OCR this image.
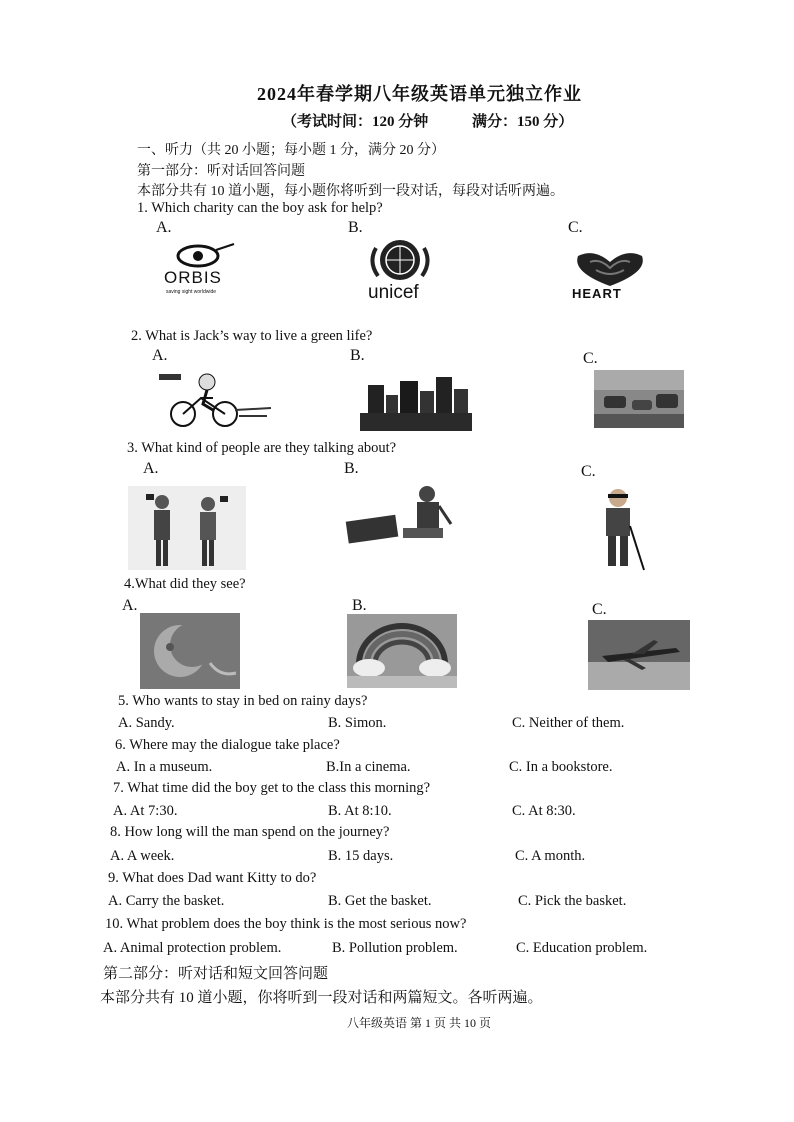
2024年春学期八年级英语单元独立作业
（考试时间：120 分钟	满分：150 分）
一、听力（共 20 小题；每小题 1 分，满分 20 分）
第一部分：听对话回答问题
本部分共有 10 道小题，每小题你将听到一段对话，每段对话听两遍。
1. Which charity can the boy ask for help?
A.	B.	C.
ORBIS
saving sight worldwide	unicef	HEART
2. What is Jack’s way to live a green life?
A.	B.	C.
3. What kind of people are they talking about?
A.	B.	C.
4.What did they see?
A.	B.	C.
5. Who wants to stay in bed on rainy days?
A. Sandy.	B. Simon.	C. Neither of them.
6. Where may the dialogue take place?
A. In a museum.	B.In a cinema.	C. In a bookstore.
7. What time did the boy get to the class this morning?
A. At 7:30.	B. At 8:10.	C. At 8:30.
8. How long will the man spend on the journey?
A. A week.	B. 15 days.	C. A month.
9. What does Dad want Kitty to do?
A. Carry the basket.	B. Get the basket.	C. Pick the basket.
10. What problem does the boy think is the most serious now?
A. Animal protection problem.	B. Pollution problem.	C. Education problem.
第二部分：听对话和短文回答问题
本部分共有 10 道小题，你将听到一段对话和两篇短文。各听两遍。
八年级英语 第 1 页 共 10 页
